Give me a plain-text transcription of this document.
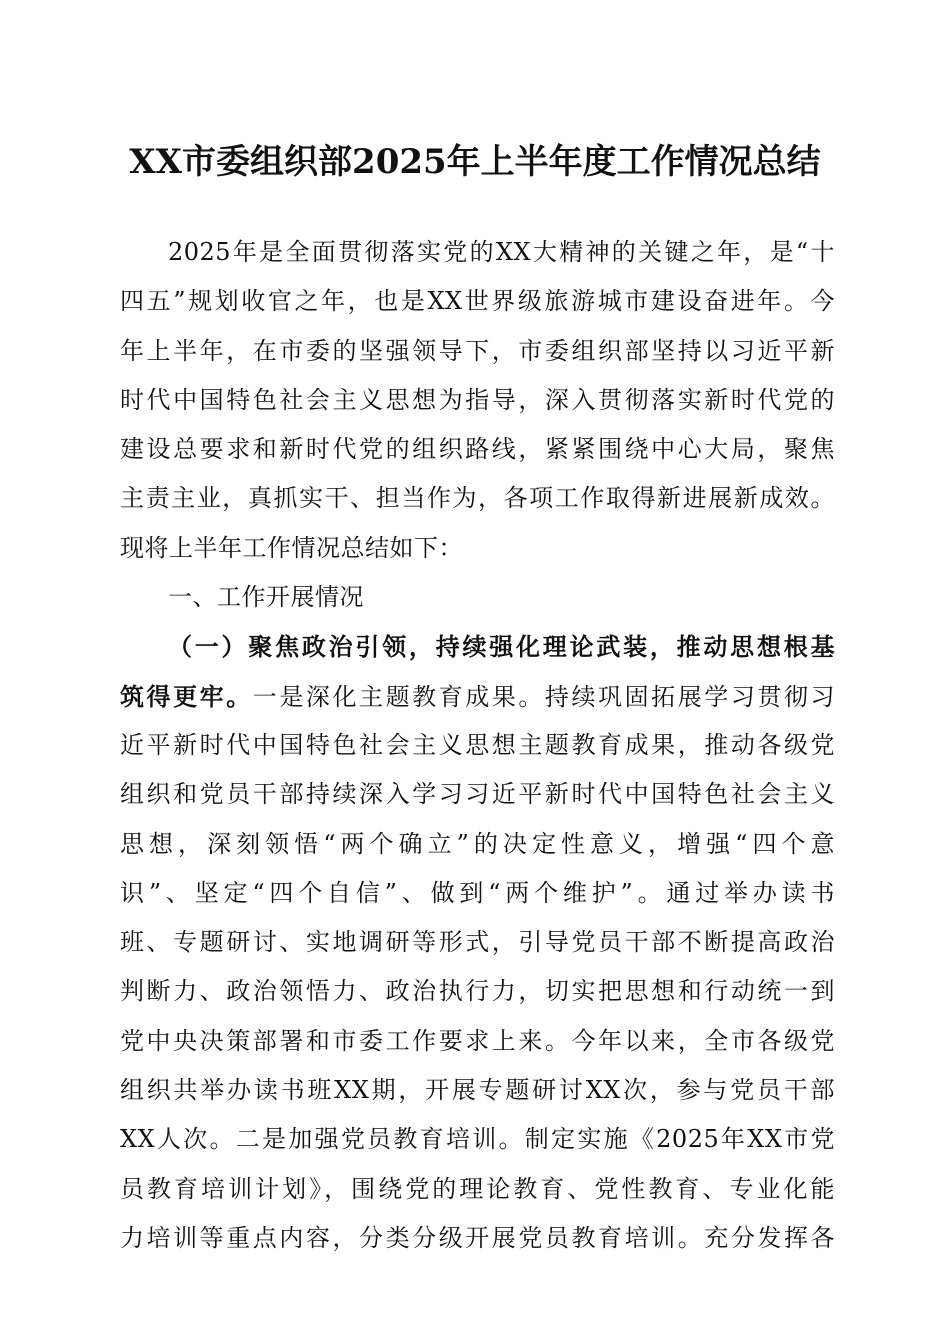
XX市委组织部2025年上半年度工作情况总结
2025年是全面贯彻落实党的XX大精神的关键之年，是“十
四五”规划收官之年，也是XX世界级旅游城市建设奋进年。今
年上半年，在市委的坚强领导下，市委组织部坚持以习近平新
时代中国特色社会主义思想为指导，深入贯彻落实新时代党的
建设总要求和新时代党的组织路线，紧紧围绕中心大局，聚焦
主责主业，真抓实干、担当作为，各项工作取得新进展新成效。
现将上半年工作情况总结如下：
一、工作开展情况
（一）聚焦政治引领，持续强化理论武装，推动思想根基
筑得更牢。一是深化主题教育成果。持续巩固拓展学习贯彻习
近平新时代中国特色社会主义思想主题教育成果，推动各级党
组织和党员干部持续深入学习习近平新时代中国特色社会主义
思想，深刻领悟“两个确立”的决定性意义，增强“四个意
识”、坚定“四个自信”、做到“两个维护”。通过举办读书
班、专题研讨、实地调研等形式，引导党员干部不断提高政治
判断力、政治领悟力、政治执行力，切实把思想和行动统一到
党中央决策部署和市委工作要求上来。今年以来，全市各级党
组织共举办读书班XX期，开展专题研讨XX次，参与党员干部
XX人次。二是加强党员教育培训。制定实施《2025年XX市党
员教育培训计划》，围绕党的理论教育、党性教育、专业化能
力培训等重点内容，分类分级开展党员教育培训。充分发挥各
